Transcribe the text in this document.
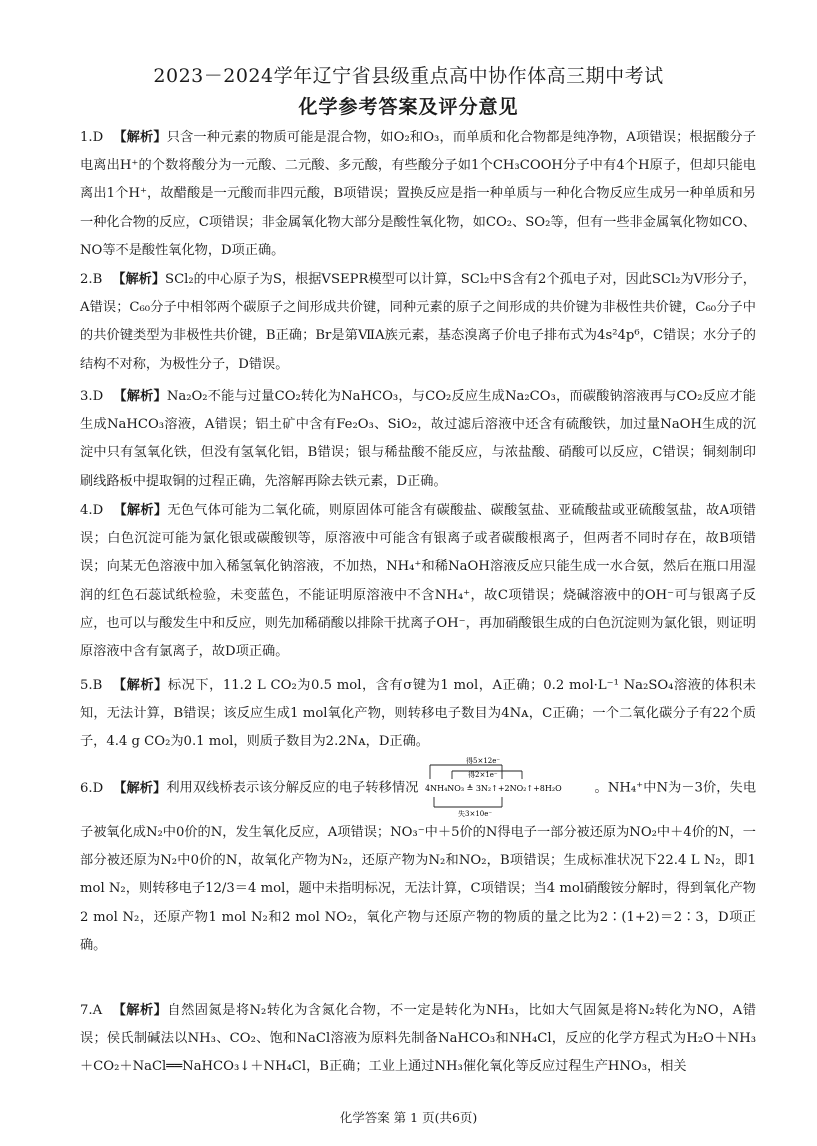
2023－2024学年辽宁省县级重点高中协作体高三期中考试
化学参考答案及评分意见

1.D 【解析】只含一种元素的物质可能是混合物，如O₂和O₃，而单质和化合物都是纯净物，A项错误；根据酸分子电离出H⁺的个数将酸分为一元酸、二元酸、多元酸，有些酸分子如1个CH₃COOH分子中有4个H原子，但却只能电离出1个H⁺，故醋酸是一元酸而非四元酸，B项错误；置换反应是指一种单质与一种化合物反应生成另一种单质和另一种化合物的反应，C项错误；非金属氧化物大部分是酸性氧化物，如CO₂、SO₂等，但有一些非金属氧化物如CO、NO等不是酸性氧化物，D项正确。

2.B 【解析】SCl₂的中心原子为S，根据VSEPR模型可以计算，SCl₂中S含有2个孤电子对，因此SCl₂为V形分子，A错误；C₆₀分子中相邻两个碳原子之间形成共价键，同种元素的原子之间形成的共价键为非极性共价键，C₆₀分子中的共价键类型为非极性共价键，B正确；Br是第ⅦA族元素，基态溴离子价电子排布式为4s²4p⁶，C错误；水分子的结构不对称，为极性分子，D错误。

3.D 【解析】Na₂O₂不能与过量CO₂转化为NaHCO₃，与CO₂反应生成Na₂CO₃，而碳酸钠溶液再与CO₂反应才能生成NaHCO₃溶液，A错误；铝土矿中含有Fe₂O₃、SiO₂，故过滤后溶液中还含有硫酸铁，加过量NaOH生成的沉淀中只有氢氧化铁，但没有氢氧化铝，B错误；银与稀盐酸不能反应，与浓盐酸、硝酸可以反应，C错误；铜刻制印刷线路板中提取铜的过程正确，先溶解再除去铁元素，D正确。

4.D 【解析】无色气体可能为二氧化硫，则原固体可能含有碳酸盐、碳酸氢盐、亚硫酸盐或亚硫酸氢盐，故A项错误；白色沉淀可能为氯化银或碳酸钡等，原溶液中可能含有银离子或者碳酸根离子，但两者不同时存在，故B项错误；向某无色溶液中加入稀氢氧化钠溶液，不加热，NH₄⁺和稀NaOH溶液反应只能生成一水合氨，然后在瓶口用湿润的红色石蕊试纸检验，未变蓝色，不能证明原溶液中不含NH₄⁺，故C项错误；烧碱溶液中的OH⁻可与银离子反应，也可以与酸发生中和反应，则先加稀硝酸以排除干扰离子OH⁻，再加硝酸银生成的白色沉淀则为氯化银，则证明原溶液中含有氯离子，故D项正确。

5.B 【解析】标况下，11.2 L CO₂为0.5 mol，含有σ键为1 mol，A正确；0.2 mol·L⁻¹ Na₂SO₄溶液的体积未知，无法计算，B错误；该反应生成1 mol氧化产物，则转移电子数目为4Nᴀ，C正确；一个二氧化碳分子有22个质子，4.4 g CO₂为0.1 mol，则质子数目为2.2Nᴀ，D正确。

6.D 【解析】利用双线桥表示该分解反应的电子转移情况
得5×12e⁻
得2×1e⁻
4NH₄NO₃ ≜ 3N₂↑+2NO₂↑+8H₂O
失3×10e⁻
。NH₄⁺中N为－3价，失电子被氧化成N₂中0价的N，发生氧化反应，A项错误；NO₃⁻中＋5价的N得电子一部分被还原为NO₂中＋4价的N，一部分被还原为N₂中0价的N，故氧化产物为N₂，还原产物为N₂和NO₂，B项错误；生成标准状况下22.4 L N₂，即1 mol N₂，则转移电子12/3＝4 mol，题中未指明标况，无法计算，C项错误；当4 mol硝酸铵分解时，得到氧化产物2 mol N₂，还原产物1 mol N₂和2 mol NO₂，氧化产物与还原产物的物质的量之比为2∶(1+2)＝2∶3，D项正确。

7.A 【解析】自然固氮是将N₂转化为含氮化合物，不一定是转化为NH₃，比如大气固氮是将N₂转化为NO，A错误；侯氏制碱法以NH₃、CO₂、饱和NaCl溶液为原料先制备NaHCO₃和NH₄Cl，反应的化学方程式为H₂O＋NH₃＋CO₂＋NaCl══NaHCO₃↓＋NH₄Cl，B正确；工业上通过NH₃催化氧化等反应过程生产HNO₃，相关

化学答案 第 1 页(共6页)
